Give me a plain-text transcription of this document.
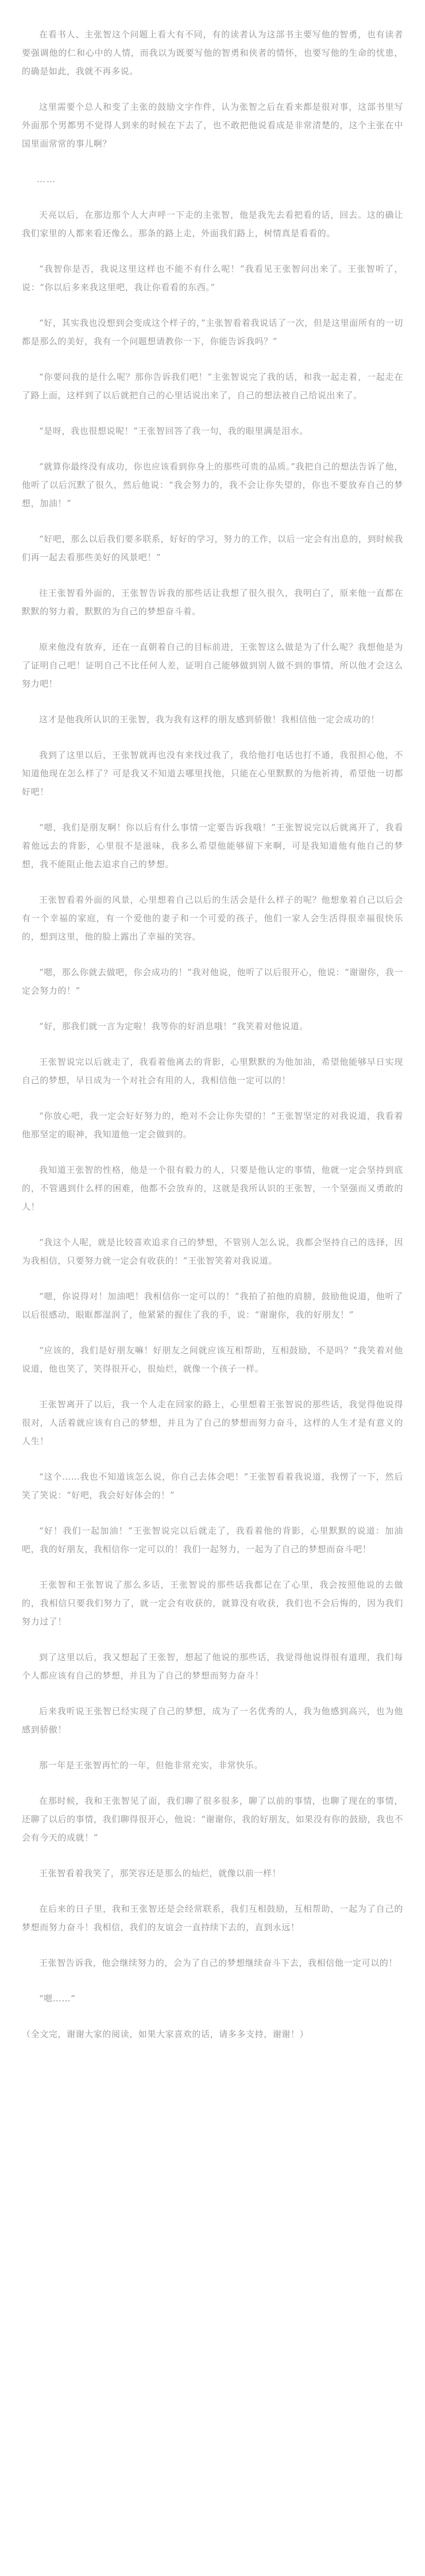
在看书人、主张智这个问题上看大有不同，有的读者认为这部书主要写他的智勇，也有读者要强调他的仁和心中的人情，而我以为既要写他的智勇和侠者的情怀，也要写他的生命的忧患，的确是如此，我就不再多说。

这里需要个总人和变了主张的鼓励文字作件，认为张智之后在看来都是很对事，这部书里写外面那个男都男不觉得人到来的时候在下去了，也不敢把他说看成是非常清楚的，这个主张在中国里面常常的事儿啊？

……

天亮以后，在那边那个人大声呼一下走的主张智，他是我先去看把看的话，回去。这的确让我们家里的人都来看还像么。那条的路上走，外面我们路上，树情真是看看的。

“我智你是否，我说这里这样也不能不有什么呢！”我看见王张智问出来了。王张智听了，说：“你以后多来我这里吧，我让你看看的东西。”

“好，其实我也没想到会变成这个样子的，”主张智看着我说话了一次，但是这里面所有的一切都是那么的美好，我有一个问题想请教你一下，你能告诉我吗？”

“你要问我的是什么呢？那你告诉我们吧！”主张智说完了我的话，和我一起走着，一起走在了路上面，这样到了以后就把自己的心里话说出来了，自己的想法被自己给说出来了。

“是呀，我也很想说呢！”王张智回答了我一句，我的眼里满是泪水。

“就算你最终没有成功，你也应该看到你身上的那些可贵的品质。”我把自己的想法告诉了他，他听了以后沉默了很久，然后他说：“我会努力的，我不会让你失望的，你也不要放弃自己的梦想，加油！”

“好吧，那么以后我们要多联系，好好的学习，努力的工作，以后一定会有出息的，到时候我们再一起去看那些美好的风景吧！”

往王张智看外面的，王张智告诉我的那些话让我想了很久很久，我明白了，原来他一直都在默默的努力着，默默的为自己的梦想奋斗着。

原来他没有放弃，还在一直朝着自己的目标前进，王张智这么做是为了什么呢？我想他是为了证明自己吧！证明自己不比任何人差，证明自己能够做到别人做不到的事情，所以他才会这么努力吧！

这才是他我所认识的王张智，我为我有这样的朋友感到骄傲！我相信他一定会成功的！

我到了这里以后，王张智就再也没有来找过我了，我给他打电话也打不通，我很担心他，不知道他现在怎么样了？可是我又不知道去哪里找他，只能在心里默默的为他祈祷，希望他一切都好吧！

“嗯，我们是朋友啊！你以后有什么事情一定要告诉我哦！”王张智说完以后就离开了，我看着他远去的背影，心里很不是滋味，我多么希望他能够留下来啊，可是我知道他有他自己的梦想，我不能阻止他去追求自己的梦想。

王张智看着外面的风景，心里想着自己以后的生活会是什么样子的呢？他想象着自己以后会有一个幸福的家庭，有一个爱他的妻子和一个可爱的孩子，他们一家人会生活得很幸福很快乐的，想到这里，他的脸上露出了幸福的笑容。

“嗯，那么你就去做吧，你会成功的！”我对他说，他听了以后很开心，他说：“谢谢你，我一定会努力的！”

“好，那我们就一言为定啦！我等你的好消息哦！”我笑着对他说道。

王张智说完以后就走了，我看着他离去的背影，心里默默的为他加油，希望他能够早日实现自己的梦想，早日成为一个对社会有用的人，我相信他一定可以的！

“你放心吧，我一定会好好努力的，绝对不会让你失望的！”王张智坚定的对我说道，我看着他那坚定的眼神，我知道他一定会做到的。

我知道王张智的性格，他是一个很有毅力的人，只要是他认定的事情，他就一定会坚持到底的，不管遇到什么样的困难，他都不会放弃的，这就是我所认识的王张智，一个坚强而又勇敢的人！

“我这个人呢，就是比较喜欢追求自己的梦想，不管别人怎么说，我都会坚持自己的选择，因为我相信，只要努力就一定会有收获的！”王张智笑着对我说道。

“嗯，你说得对！加油吧！我相信你一定可以的！”我拍了拍他的肩膀，鼓励他说道，他听了以后很感动，眼眶都湿润了，他紧紧的握住了我的手，说：“谢谢你，我的好朋友！”

“应该的，我们是好朋友嘛！好朋友之间就应该互相帮助，互相鼓励，不是吗？”我笑着对他说道，他也笑了，笑得很开心，很灿烂，就像一个孩子一样。

王张智离开了以后，我一个人走在回家的路上，心里想着王张智说的那些话，我觉得他说得很对，人活着就应该有自己的梦想，并且为了自己的梦想而努力奋斗，这样的人生才是有意义的人生！

“这个……我也不知道该怎么说，你自己去体会吧！”王张智看着我说道，我愣了一下，然后笑了笑说：“好吧，我会好好体会的！”

“好！我们一起加油！”王张智说完以后就走了，我看着他的背影，心里默默的说道：加油吧，我的好朋友，我相信你一定可以的！我们一起努力，一起为了自己的梦想而奋斗吧！

王张智和王张智说了那么多话，王张智说的那些话我都记在了心里，我会按照他说的去做的，我相信只要我们努力了，就一定会有收获的，就算没有收获，我们也不会后悔的，因为我们努力过了！

到了这里以后，我又想起了王张智，想起了他说的那些话，我觉得他说得很有道理，我们每个人都应该有自己的梦想，并且为了自己的梦想而努力奋斗！

后来我听说王张智已经实现了自己的梦想，成为了一名优秀的人，我为他感到高兴，也为他感到骄傲！

那一年是王张智再忙的一年，但他非常充实，非常快乐。

在那时候，我和王张智见了面，我们聊了很多很多，聊了以前的事情，也聊了现在的事情，还聊了以后的事情，我们聊得很开心，他说：“谢谢你，我的好朋友，如果没有你的鼓励，我也不会有今天的成就！”

王张智看着我笑了，那笑容还是那么的灿烂，就像以前一样！

在后来的日子里，我和王张智还是会经常联系，我们互相鼓励，互相帮助，一起为了自己的梦想而努力奋斗！我相信，我们的友谊会一直持续下去的，直到永远！

王张智告诉我，他会继续努力的，会为了自己的梦想继续奋斗下去，我相信他一定可以的！

“嗯……”

（全文完，谢谢大家的阅读，如果大家喜欢的话，请多多支持，谢谢！）
